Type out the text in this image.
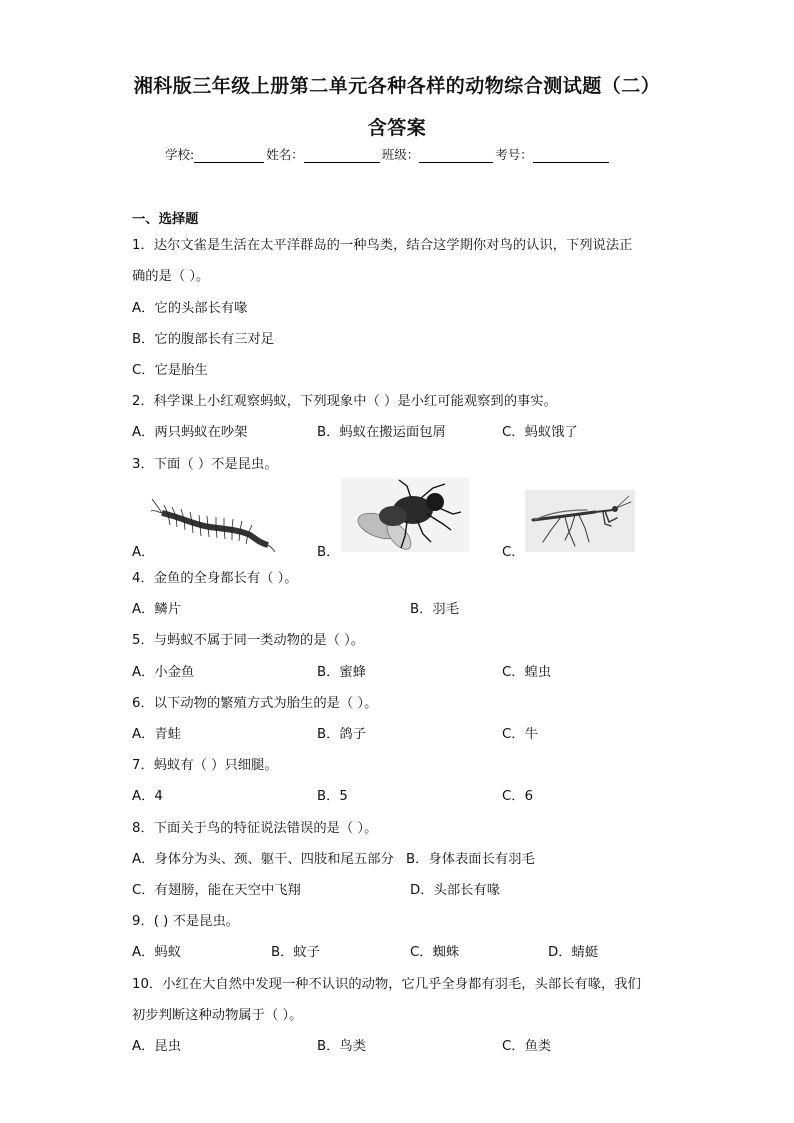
湘科版三年级上册第二单元各种各样的动物综合测试题（二）
含答案
学校:	姓名：	班级：	考号：

一、选择题

1．达尔文雀是生活在太平洋群岛的一种鸟类，结合这学期你对鸟的认识，下列说法正

确的是（ ）。

A．它的头部长有喙

B．它的腹部长有三对足

C．它是胎生

2．科学课上小红观察蚂蚁，下列现象中（ ）是小红可能观察到的事实。

A．两只蚂蚁在吵架	B．蚂蚁在搬运面包屑	C．蚂蚁饿了

3．下面（ ）不是昆虫。

A．	B．	C．

4．金鱼的全身都长有（ ）。

A．鳞片	B．羽毛

5．与蚂蚁不属于同一类动物的是（ ）。

A．小金鱼	B．蜜蜂	C．蝗虫

6．以下动物的繁殖方式为胎生的是（ ）。

A．青蛙	B．鸽子	C．牛

7．蚂蚁有（ ）只细腿。

A．4	B．5	C．6

8．下面关于鸟的特征说法错误的是（ ）。

A．身体分为头、颈、躯干、四肢和尾五部分 B．身体表面长有羽毛
C．有翅膀，能在天空中飞翔	D．头部长有喙

9．( ) 不是昆虫。

A．蚂蚁	B．蚊子	C．蜘蛛	D．蜻蜓

10．小红在大自然中发现一种不认识的动物，它几乎全身都有羽毛，头部长有喙，我们

初步判断这种动物属于（ ）。

A．昆虫	B．鸟类	C．鱼类
